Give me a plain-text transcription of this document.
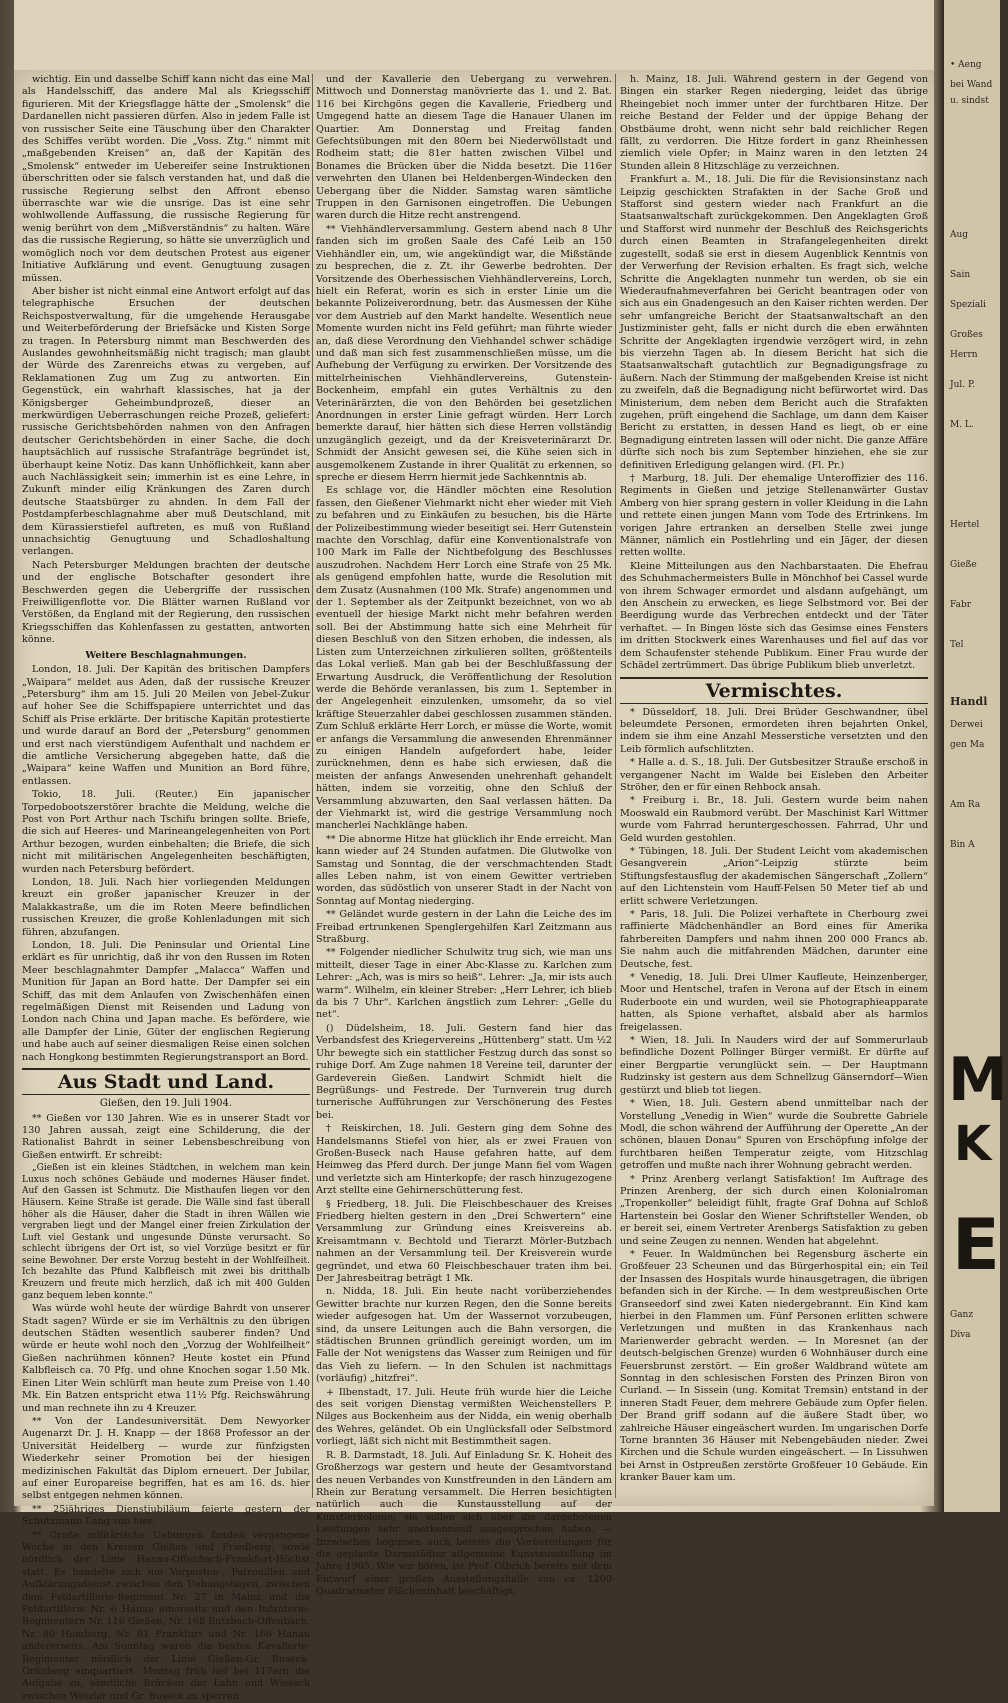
wichtig. Ein und dasselbe Schiff kann nicht das eine Mal als Handelsschiff, das andere Mal als Kriegsschiff figurieren. Mit der Kriegsflagge hätte der „Smolensk“ die Dardanellen nicht passieren dürfen. Also in jedem Falle ist von russischer Seite eine Täuschung über den Charakter des Schiffes verübt worden. Die „Voss. Ztg.“ nimmt mit „maßgebenden Kreisen“ an, daß der Kapitän des „Smolensk“ entweder im Uebereifer seine Instruktionen überschritten oder sie falsch verstanden hat, und daß die russische Regierung selbst den Affront ebenso überraschte war wie die unsrige. Das ist eine sehr wohlwollende Auffassung, die russische Regierung für wenig berührt von dem „Mißverständnis“ zu halten. Wäre das die russische Regierung, so hätte sie unverzüglich und womöglich noch vor dem deutschen Protest aus eigener Initiative Aufklärung und event. Genugtuung zusagen müssen.

Aber bisher ist nicht einmal eine Antwort erfolgt auf das telegraphische Ersuchen der deutschen Reichspostverwaltung, für die umgehende Herausgabe und Weiterbeförderung der Briefsäcke und Kisten Sorge zu tragen. In Petersburg nimmt man Beschwerden des Auslandes gewohnheitsmäßig nicht tragisch; man glaubt der Würde des Zarenreichs etwas zu vergeben, auf Reklamationen Zug um Zug zu antworten. Ein Gegenstück, ein wahrhaft klassisches, hat ja der Königsberger Geheimbundprozeß, dieser an merkwürdigen Ueberraschungen reiche Prozeß, geliefert: russische Gerichtsbehörden nahmen von den Anfragen deutscher Gerichtsbehörden in einer Sache, die doch hauptsächlich auf russische Strafanträge begründet ist, überhaupt keine Notiz. Das kann Unhöflichkeit, kann aber auch Nachlässigkeit sein; immerhin ist es eine Lehre, in Zukunft minder eilig Kränkungen des Zaren durch deutsche Staatsbürger zu ahnden. In dem Fall der Postdampferbeschlagnahme aber muß Deutschland, mit dem Kürassierstiefel auftreten, es muß von Rußland unnachsichtig Genugtuung und Schadloshaltung verlangen.

Nach Petersburger Meldungen brachten der deutsche und der englische Botschafter gesondert ihre Beschwerden gegen die Uebergriffe der russischen Freiwilligenflotte vor. Die Blätter warnen Rußland vor Verstößen, da England mit der Regierung, den russischen Kriegsschiffen das Kohlenfassen zu gestatten, antworten könne.

Weitere Beschlagnahmungen.

London, 18. Juli. Der Kapitän des britischen Dampfers „Waipara“ meldet aus Aden, daß der russische Kreuzer „Petersburg“ ihm am 15. Juli 20 Meilen von Jebel-Zukur auf hoher See die Schiffspapiere unterrichtet und das Schiff als Prise erklärte. Der britische Kapitän protestierte und wurde darauf an Bord der „Petersburg“ genommen und erst nach vierstündigem Aufenthalt und nachdem er die amtliche Versicherung abgegeben hatte, daß die „Waipara“ keine Waffen und Munition an Bord führe, entlassen.

Tokio, 18. Juli. (Reuter.) Ein japanischer Torpedobootszerstörer brachte die Meldung, welche die Post von Port Arthur nach Tschifu bringen sollte. Briefe, die sich auf Heeres- und Marineangelegenheiten von Port Arthur bezogen, wurden einbehalten; die Briefe, die sich nicht mit militärischen Angelegenheiten beschäftigten, wurden nach Petersburg befördert.

London, 18. Juli. Nach hier vorliegenden Meldungen kreuzt ein großer japanischer Kreuzer in der Malakkastraße, um die im Roten Meere befindlichen russischen Kreuzer, die große Kohlenladungen mit sich führen, abzufangen.

London, 18. Juli. Die Peninsular und Oriental Line erklärt es für unrichtig, daß ihr von den Russen im Roten Meer beschlagnahmter Dampfer „Malacca“ Waffen und Munition für Japan an Bord hatte. Der Dampfer sei ein Schiff, das mit dem Anlaufen von Zwischenhäfen einen regelmäßigen Dienst mit Reisenden und Ladung von London nach China und Japan mache. Es befördere, wie alle Dampfer der Linie, Güter der englischen Regierung und habe auch auf seiner diesmaligen Reise einen solchen nach Hongkong bestimmten Regierungstransport an Bord.

Aus Stadt und Land.
Gießen, den 19. Juli 1904.

** Gießen vor 130 Jahren. Wie es in unserer Stadt vor 130 Jahren aussah, zeigt eine Schilderung, die der Rationalist Bahrdt in seiner Lebensbeschreibung von Gießen entwirft. Er schreibt:

„Gießen ist ein kleines Städtchen, in welchem man kein Luxus noch schönes Gebäude und modernes Häuser findet. Auf den Gassen ist Schmutz. Die Misthaufen liegen vor den Häusern. Keine Straße ist gerade. Die Wälle sind fast überall höher als die Häuser, daher die Stadt in ihren Wällen wie vergraben liegt und der Mangel einer freien Zirkulation der Luft viel Gestank und ungesunde Dünste verursacht. So schlecht übrigens der Ort ist, so viel Vorzüge besitzt er für seine Bewohner. Der erste Vorzug besteht in der Wohlfeilheit. Ich bezahlte das Pfund Kalbfleisch mit zwei bis dritthalb Kreuzern und freute mich herzlich, daß ich mit 400 Gulden ganz bequem leben konnte.“

Was würde wohl heute der würdige Bahrdt von unserer Stadt sagen? Würde er sie im Verhältnis zu den übrigen deutschen Städten wesentlich sauberer finden? Und würde er heute wohl noch den „Vorzug der Wohlfeilheit“ Gießen nachrühmen können? Heute kostet ein Pfund Kalbfleisch ca. 70 Pfg. und ohne Knochen sogar 1.50 Mk. Einen Liter Wein schlürft man heute zum Preise von 1.40 Mk. Ein Batzen entspricht etwa 11½ Pfg. Reichswährung und man rechnete ihn zu 4 Kreuzer.

** Von der Landesuniversität. Dem Newyorker Augenarzt Dr. J. H. Knapp — der 1868 Professor an der Universität Heidelberg — wurde zur fünfzigsten Wiederkehr seiner Promotion bei der hiesigen medizinischen Fakultät das Diplom erneuert. Der Jubilar, auf einer Europareise begriffen, hat es am 16. ds. hier selbst entgegen nehmen können.

** 25jähriges Dienstjubiläum feierte gestern der Schutzmann Lang von hier.

** Große militärische Uebungen fanden vergangene Woche in den Kreisen Gießen und Friedberg, sowie nördlich der Linie Hanau-Offenbach-Frankfurt-Höchst statt. Es handelte sich um Vorposten-, Patrouillen und Aufklärungsdienst zwischen den Uebungstagen, zwischen dem Feldartillerie-Regiment Nr. 27 in Mainz und die Feldartillerie Nr. 6 Hanau einerseits und den Infanterie-Regimentern Nr. 116 Gießen, Nr. 168 Butzbach-Offenbach, Nr. 80 Homburg, Nr. 81 Frankfurt und Nr. 166 Hanau andererseits. Am Sonntag waren die beiden Kavallerie-Regimenter nördlich der Linie Gießen-Gr. Buseck-Grünberg einquartiert. Montag früh lief bei 117ern die Aufgabe zu, sämtliche Brücken der Lahn und Wieseck zwischen Wetzlar und Gr. Buseck zu sperren

und der Kavallerie den Uebergang zu verwehren. Mittwoch und Donnerstag manövrierte das 1. und 2. Bat. 116 bei Kirchgöns gegen die Kavallerie, Friedberg und Umgegend hatte an diesem Tage die Hanauer Ulanen im Quartier. Am Donnerstag und Freitag fanden Gefechtsübungen mit den 80ern bei Niederwöllstadt und Rodheim statt; die 81er hatten zwischen Vilbel und Bonames die Brücken über die Nidda besetzt. Die 116er verwehrten den Ulanen bei Heldenbergen-Windecken den Uebergang über die Nidder. Samstag waren sämtliche Truppen in den Garnisonen eingetroffen. Die Uebungen waren durch die Hitze recht anstrengend.

** Viehhändlerversammlung. Gestern abend nach 8 Uhr fanden sich im großen Saale des Café Leib an 150 Viehhändler ein, um, wie angekündigt war, die Mißstände zu besprechen, die z. Zt. ihr Gewerbe bedrohten. Der Vorsitzende des Oberhessischen Viehhändlervereins, Lorch, hielt ein Referat, worin es sich in erster Linie um die bekannte Polizeiverordnung, betr. das Ausmessen der Kühe vor dem Austrieb auf den Markt handelte. Wesentlich neue Momente wurden nicht ins Feld geführt; man führte wieder an, daß diese Verordnung den Viehhandel schwer schädige und daß man sich fest zusammenschließen müsse, um die Aufhebung der Verfügung zu erwirken. Der Vorsitzende des mittelrheinischen Viehhändlervereins, Gutenstein-Bockenheim, empfahl ein gutes Verhältnis zu den Veterinärärzten, die von den Behörden bei gesetzlichen Anordnungen in erster Linie gefragt würden. Herr Lorch bemerkte darauf, hier hätten sich diese Herren vollständig unzugänglich gezeigt, und da der Kreisveterinärarzt Dr. Schmidt der Ansicht gewesen sei, die Kühe seien sich in ausgemolkenem Zustande in ihrer Qualität zu erkennen, so spreche er diesem Herrn hiermit jede Sachkenntnis ab.

Es schlage vor, die Händler möchten eine Resolution fassen, den Gießener Viehmarkt nicht eher wieder mit Vieh zu befahren und zu Einkäufen zu besuchen, bis die Härte der Polizeibestimmung wieder beseitigt sei. Herr Gutenstein machte den Vorschlag, dafür eine Konventionalstrafe von 100 Mark im Falle der Nichtbefolgung des Beschlusses auszudrohen. Nachdem Herr Lorch eine Strafe von 25 Mk. als genügend empfohlen hatte, wurde die Resolution mit dem Zusatz (Ausnahmen (100 Mk. Strafe) angenommen und der 1. September als der Zeitpunkt bezeichnet, von wo ab eventuell der hiesige Markt nicht mehr befahren werden soll. Bei der Abstimmung hatte sich eine Mehrheit für diesen Beschluß von den Sitzen erhoben, die indessen, als Listen zum Unterzeichnen zirkulieren sollten, größtenteils das Lokal verließ. Man gab bei der Beschlußfassung der Erwartung Ausdruck, die Veröffentlichung der Resolution werde die Behörde veranlassen, bis zum 1. September in der Angelegenheit einzulenken, umsomehr, da so viel kräftige Steuerzahler dabei geschlossen zusammen ständen. Zum Schluß erklärte Herr Lorch, er müsse die Worte, womit er anfangs die Versammlung die anwesenden Ehrenmänner zu einigen Handeln aufgefordert habe, leider zurücknehmen, denn es habe sich erwiesen, daß die meisten der anfangs Anwesenden unehrenhaft gehandelt hätten, indem sie vorzeitig, ohne den Schluß der Versammlung abzuwarten, den Saal verlassen hätten. Da der Viehmarkt ist, wird die gestrige Versammlung noch mancherlei Nachklänge haben.

** Die abnorme Hitze hat glücklich ihr Ende erreicht. Man kann wieder auf 24 Stunden aufatmen. Die Glutwolke von Samstag und Sonntag, die der verschmachtenden Stadt alles Leben nahm, ist von einem Gewitter vertrieben worden, das südöstlich von unserer Stadt in der Nacht von Sonntag auf Montag niederging.

** Geländet wurde gestern in der Lahn die Leiche des im Freibad ertrunkenen Spenglergehilfen Karl Zeitzmann aus Straßburg.

** Folgender niedlicher Schulwitz trug sich, wie man uns mitteilt, dieser Tage in einer Abc-Klasse zu. Karlchen zum Lehrer: „Ach, was is mirs so heiß“. Lehrer: „Ja, mir ists auch warm“. Wilhelm, ein kleiner Streber: „Herr Lehrer, ich blieb da bis 7 Uhr“. Karlchen ängstlich zum Lehrer: „Gelle du net“.

() Düdelsheim, 18. Juli. Gestern fand hier das Verbandsfest des Kriegervereins „Hüttenberg“ statt. Um ½2 Uhr bewegte sich ein stattlicher Festzug durch das sonst so ruhige Dorf. Am Zuge nahmen 18 Vereine teil, darunter der Gardeverein Gießen. Landwirt Schmidt hielt die Begrüßungs- und Festrede. Der Turnverein trug durch turnerische Aufführungen zur Verschönerung des Festes bei.

† Reiskirchen, 18. Juli. Gestern ging dem Sohne des Handelsmanns Stiefel von hier, als er zwei Frauen von Großen-Buseck nach Hause gefahren hatte, auf dem Heimweg das Pferd durch. Der junge Mann fiel vom Wagen und verletzte sich am Hinterkopfe; der rasch hinzugezogene Arzt stellte eine Gehirnerschütterung fest.

§ Friedberg, 18. Juli. Die Fleischbeschauer des Kreises Friedberg hielten gestern in den „Drei Schwertern“ eine Versammlung zur Gründung eines Kreisvereins ab. Kreisamtmann v. Bechtold und Tierarzt Mörler-Butzbach nahmen an der Versammlung teil. Der Kreisverein wurde gegründet, und etwa 60 Fleischbeschauer traten ihm bei. Der Jahresbeitrag beträgt 1 Mk.

n. Nidda, 18. Juli. Ein heute nacht vorüberziehendes Gewitter brachte nur kurzen Regen, den die Sonne bereits wieder aufgesogen hat. Um der Wassernot vorzubeugen, sind, da unsere Leitungen auch die Bahn versorgen, die städtischen Brunnen gründlich gereinigt worden, um im Falle der Not wenigstens das Wasser zum Reinigen und für das Vieh zu liefern. — In den Schulen ist nachmittags (vorläufig) „hitzfrei“.

+ Ilbenstadt, 17. Juli. Heute früh wurde hier die Leiche des seit vorigen Dienstag vermißten Weichenstellers P. Nilges aus Bockenheim aus der Nidda, ein wenig oberhalb des Wehres, geländet. Ob ein Unglücksfall oder Selbstmord vorliegt, läßt sich nicht mit Bestimmtheit sagen.

R. B. Darmstadt, 18. Juli. Auf Einladung Sr. K. Hoheit des Großherzogs war gestern und heute der Gesamtvorstand des neuen Verbandes von Kunstfreunden in den Ländern am Rhein zur Beratung versammelt. Die Herren besichtigten natürlich auch die Kunstausstellung auf der Künstlerkolonie; sie sollen sich über die dargebotenen Leistungen sehr anerkennend ausgesprochen haben. — Inzwischen beginnen auch bereits die Vorbereitungen für die geplante Darmstädter allgemeine Kunstausstellung im Jahre 1905. Wie wir hören, ist Prof. Olbrich bereits mit dem Entwurf einer großen Ausstellungshalle von ca. 1200 Quadratmeter Flächeninhalt beschäftigt.

h. Mainz, 18. Juli. Während gestern in der Gegend von Bingen ein starker Regen niederging, leidet das übrige Rheingebiet noch immer unter der furchtbaren Hitze. Der reiche Bestand der Felder und der üppige Behang der Obstbäume droht, wenn nicht sehr bald reichlicher Regen fällt, zu verdorren. Die Hitze fordert in ganz Rheinhessen ziemlich viele Opfer; in Mainz waren in den letzten 24 Stunden allein 8 Hitzschläge zu verzeichnen.

Frankfurt a. M., 18. Juli. Die für die Revisionsinstanz nach Leipzig geschickten Strafakten in der Sache Groß und Stafforst sind gestern wieder nach Frankfurt an die Staatsanwaltschaft zurückgekommen. Den Angeklagten Groß und Stafforst wird nunmehr der Beschluß des Reichsgerichts durch einen Beamten in Strafangelegenheiten direkt zugestellt, sodaß sie erst in diesem Augenblick Kenntnis von der Verwerfung der Revision erhalten. Es fragt sich, welche Schritte die Angeklagten nunmehr tun werden, ob sie ein Wiederaufnahmeverfahren bei Gericht beantragen oder von sich aus ein Gnadengesuch an den Kaiser richten werden. Der sehr umfangreiche Bericht der Staatsanwaltschaft an den Justizminister geht, falls er nicht durch die eben erwähnten Schritte der Angeklagten irgendwie verzögert wird, in zehn bis vierzehn Tagen ab. In diesem Bericht hat sich die Staatsanwaltschaft gutachtlich zur Begnadigungsfrage zu äußern. Nach der Stimmung der maßgebenden Kreise ist nicht zu zweifeln, daß die Begnadigung nicht befürwortet wird. Das Ministerium, dem neben dem Bericht auch die Strafakten zugehen, prüft eingehend die Sachlage, um dann dem Kaiser Bericht zu erstatten, in dessen Hand es liegt, ob er eine Begnadigung eintreten lassen will oder nicht. Die ganze Affäre dürfte sich noch bis zum September hinziehen, ehe sie zur definitiven Erledigung gelangen wird. (Fl. Pr.)

† Marburg, 18. Juli. Der ehemalige Unteroffizier des 116. Regiments in Gießen und jetzige Stellenanwärter Gustav Amberg von hier sprang gestern in voller Kleidung in die Lahn und rettete einen jungen Mann vom Tode des Ertrinkens. Im vorigen Jahre ertranken an derselben Stelle zwei junge Männer, nämlich ein Postlehrling und ein Jäger, der diesen retten wollte.

Kleine Mitteilungen aus den Nachbarstaaten. Die Ehefrau des Schuhmachermeisters Bulle in Mönchhof bei Cassel wurde von ihrem Schwager ermordet und alsdann aufgehängt, um den Anschein zu erwecken, es liege Selbstmord vor. Bei der Beerdigung wurde das Verbrechen entdeckt und der Täter verhaftet. — In Bingen löste sich das Gesimse eines Fensters im dritten Stockwerk eines Warenhauses und fiel auf das vor dem Schaufenster stehende Publikum. Einer Frau wurde der Schädel zertrümmert. Das übrige Publikum blieb unverletzt.

Vermischtes.

* Düsseldorf, 18. Juli. Drei Brüder Geschwandner, übel beleumdete Personen, ermordeten ihren bejahrten Onkel, indem sie ihm eine Anzahl Messerstiche versetzten und den Leib förmlich aufschlitzten.

* Halle a. d. S., 18. Juli. Der Gutsbesitzer Strauße erschoß in vergangener Nacht im Walde bei Eisleben den Arbeiter Ströher, den er für einen Rehbock ansah.

* Freiburg i. Br., 18. Juli. Gestern wurde beim nahen Mooswald ein Raubmord verübt. Der Maschinist Karl Wittmer wurde vom Fahrrad heruntergeschossen. Fahrrad, Uhr und Geld wurden gestohlen.

* Tübingen, 18. Juli. Der Student Leicht vom akademischen Gesangverein „Arion“-Leipzig stürzte beim Stiftungsfestausflug der akademischen Sängerschaft „Zollern“ auf den Lichtenstein vom Hauff-Felsen 50 Meter tief ab und erlitt schwere Verletzungen.

* Paris, 18. Juli. Die Polizei verhaftete in Cherbourg zwei raffinierte Mädchenhändler an Bord eines für Amerika fahrbereiten Dampfers und nahm ihnen 200 000 Francs ab. Sie nahm auch die mitfahrenden Mädchen, darunter eine Deutsche, fest.

* Venedig, 18. Juli. Drei Ulmer Kaufleute, Heinzenberger, Moor und Hentschel, trafen in Verona auf der Etsch in einem Ruderboote ein und wurden, weil sie Photographieapparate hatten, als Spione verhaftet, alsbald aber als harmlos freigelassen.

* Wien, 18. Juli. In Nauders wird der auf Sommerurlaub befindliche Dozent Pollinger Bürger vermißt. Er dürfte auf einer Bergpartie verunglückt sein. — Der Hauptmann Rudzinsky ist gestern aus dem Schnellzug Gänserndorf—Wien gestürzt und blieb tot liegen.

* Wien, 18. Juli. Gestern abend unmittelbar nach der Vorstellung „Venedig in Wien“ wurde die Soubrette Gabriele Modl, die schon während der Aufführung der Operette „An der schönen, blauen Donau“ Spuren von Erschöpfung infolge der furchtbaren heißen Temperatur zeigte, vom Hitzschlag getroffen und mußte nach ihrer Wohnung gebracht werden.

* Prinz Arenberg verlangt Satisfaktion! Im Auftrage des Prinzen Arenberg, der sich durch einen Kolonialroman „Tropenkoller“ beleidigt fühlt, fragte Graf Dohna auf Schloß Hartenstein bei Goslar den Wiener Schriftsteller Wenden, ob er bereit sei, einem Vertreter Arenbergs Satisfaktion zu geben und seine Zeugen zu nennen. Wenden hat abgelehnt.

* Feuer. In Waldmünchen bei Regensburg äscherte ein Großfeuer 23 Scheunen und das Bürgerhospital ein; ein Teil der Insassen des Hospitals wurde hinausgetragen, die übrigen befanden sich in der Kirche. — In dem westpreußischen Orte Granseedorf sind zwei Katen niedergebrannt. Ein Kind kam hierbei in den Flammen um. Fünf Personen erlitten schwere Verletzungen und mußten in das Krankenhaus nach Marienwerder gebracht werden. — In Moresnet (an der deutsch-belgischen Grenze) wurden 6 Wohnhäuser durch eine Feuersbrunst zerstört. — Ein großer Waldbrand wütete am Sonntag in den schlesischen Forsten des Prinzen Biron von Curland. — In Sissein (ung. Komitat Tremsin) entstand in der inneren Stadt Feuer, dem mehrere Gebäude zum Opfer fielen. Der Brand griff sodann auf die äußere Stadt über, wo zahlreiche Häuser eingeäschert wurden. Im ungarischen Dorfe Torne brannten 36 Häuser mit Nebengebäuden nieder. Zwei Kirchen und die Schule wurden eingeäschert. — In Lissuhwen bei Arnst in Ostpreußen zerstörte Großfeuer 10 Gebäude. Ein kranker Bauer kam um.

• Aeng
bei Wand
u. sindst
Aug
Sain
Speziali
Großes
Herrn
Jul. P.
M. L.
Hertel
Gieße
Fabr
Tel
Handl
Derwei
gen Ma
Am Ra
Bin A
Ganz
Diva
M
K
E
